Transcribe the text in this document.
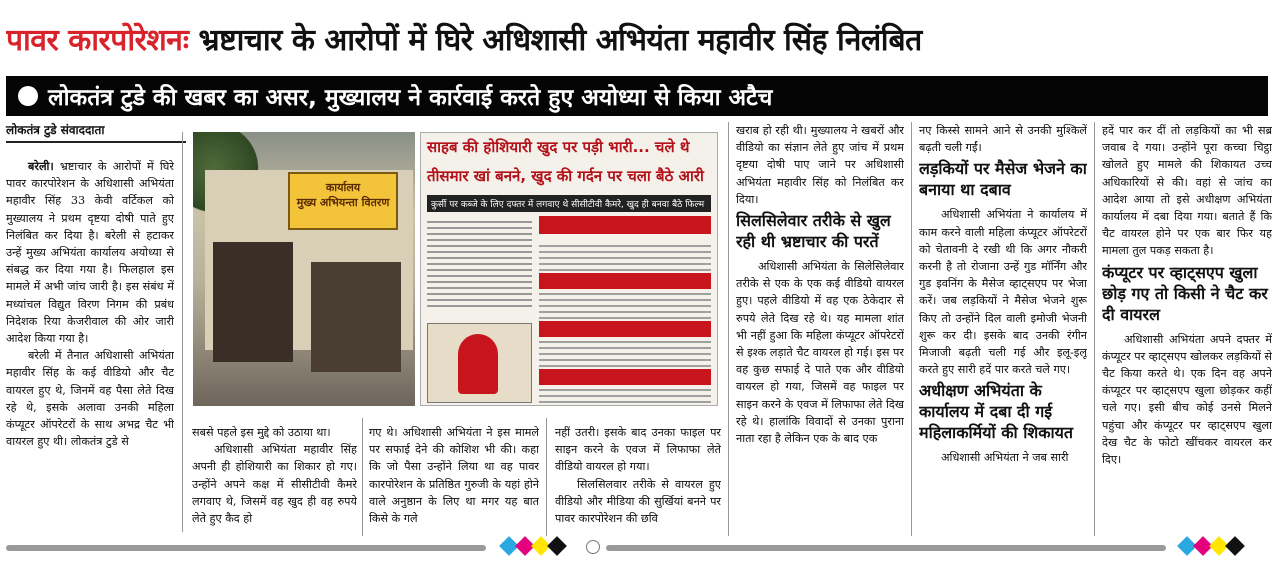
पावर कारपोरेशनः भ्रष्टाचार के आरोपों में घिरे अधिशासी अभियंता महावीर सिंह निलंबित
लोकतंत्र टुडे की खबर का असर, मुख्यालय ने कार्रवाई करते हुए अयोध्या से किया अटैच
लोकतंत्र टुडे संवाददाता

बरेली। भ्रष्टाचार के आरोपों में घिरे पावर कारपोरेशन के अधिशासी अभियंता महावीर सिंह 33 केवी वर्टिकल को मुख्यालय ने प्रथम दृष्टया दोषी पाते हुए निलंबित कर दिया है। बरेली से हटाकर उन्हें मुख्य अभियंता कार्यालय अयोध्या से संबद्ध कर दिया गया है। फिलहाल इस मामले में अभी जांच जारी है। इस संबंध में मध्यांचल विद्युत विरण निगम की प्रबंध निदेशक रिया केजरीवाल की ओर जारी आदेश किया गया है।

बरेली में तैनात अधिशासी अभियंता महावीर सिंह के कई वीडियो और चैट वायरल हुए थे, जिनमें वह पैसा लेते दिख रहे थे, इसके अलावा उनकी महिला कंप्यूटर ऑपरेटरों के साथ अभद्र चैट भी वायरल हुए थी। लोकतंत्र टुडे से

कार्यालय
मुख्य अभियन्ता वितरण
साहब की होशियारी खुद पर पड़ी भारी... चले थे
तीसमार खां बनने, खुद की गर्दन पर चला बैठे आरी
कुर्सी पर कब्जे के लिए दफ्तर में लगवाए थे सीसीटीवी कैमरे, खुद ही बनवा बैठे फिल्म

सबसे पहले इस मुद्दे को उठाया था।

अधिशासी अभियंता महावीर सिंह अपनी ही होशियारी का शिकार हो गए। उन्होंने अपने कक्ष में सीसीटीवी कैमरे लगवाए थे, जिसमें वह खुद ही वह रुपये लेते हुए कैद हो

गए थे। अधिशासी अभियंता ने इस मामले पर सफाई देने की कोशिश भी की। कहा कि जो पैसा उन्होंने लिया था वह पावर कारपोरेशन के प्रतिष्ठित गुरुजी के यहां होने वाले अनुष्ठान के लिए था मगर यह बात किसे के गले

नहीं उतरी। इसके बाद उनका फाइल पर साइन करने के एवज में लिफाफा लेते वीडियो वायरल हो गया।

सिलसिलवार तरीके से वायरल हुए वीडियो और मीडिया की सुर्खियां बनने पर पावर कारपोरेशन की छवि

खराब हो रही थी। मुख्यालय ने खबरों और वीडियो का संज्ञान लेते हुए जांच में प्रथम दृष्टया दोषी पाए जाने पर अधिशासी अभियंता महावीर सिंह को निलंबित कर दिया।

सिलसिलेवार तरीके से खुल रही थी भ्रष्टाचार की परतें

अधिशासी अभियंता के सिलेसिलेवार तरीके से एक के एक कई वीडियो वायरल हुए। पहले वीडियो में वह एक ठेकेदार से रुपये लेते दिख रहे थे। यह मामला शांत भी नहीं हुआ कि महिला कंप्यूटर ऑपरेटरों से इश्क लड़ाते चैट वायरल हो गई। इस पर वह कुछ सफाई दे पाते एक और वीडियो वायरल हो गया, जिसमें वह फाइल पर साइन करने के एवज में लिफाफा लेते दिख रहे थे। हालांकि विवादों से उनका पुराना नाता रहा है लेकिन एक के बाद एक

नए किस्से सामने आने से उनकी मुश्किलें बढ़ती चली गईं।

लड़कियों पर मैसेज भेजने का बनाया था दबाव

अधिशासी अभियंता ने कार्यालय में काम करने वाली महिला कंप्यूटर ऑपरेटरों को चेतावनी दे रखी थी कि अगर नौकरी करनी है तो रोजाना उन्हें गुड मॉर्निंग और गुड इवनिंग के मैसेज व्हाट्सएप पर भेजा करें। जब लड़कियों ने मैसेज भेजने शुरू किए तो उन्होंने दिल वाली इमोजी भेजनी शुरू कर दी। इसके बाद उनकी रंगीन मिजाजी बढ़ती चली गई और इलू-इलू करते हुए सारी हदें पार करते चले गए।

अधीक्षण अभियंता के कार्यालय में दबा दी गई महिलाकर्मियों की शिकायत

अधिशासी अभियंता ने जब सारी

हदें पार कर दीं तो लड़कियों का भी सब्र जवाब दे गया। उन्होंने पूरा कच्चा चिट्ठा खोलते हुए मामले की शिकायत उच्च अधिकारियों से की। वहां से जांच का आदेश आया तो इसे अधीक्षण अभियंता कार्यालय में दबा दिया गया। बताते हैं कि चैट वायरल होने पर एक बार फिर यह मामला तुल पकड़ सकता है।

कंप्यूटर पर व्हाट्सएप खुला छोड़ गए तो किसी ने चैट कर दी वायरल

अधिशासी अभियंता अपने दफ्तर में कंप्यूटर पर व्हाट्सएप खोलकर लड़कियों से चैट किया करते थे। एक दिन वह अपने कंप्यूटर पर व्हाट्सएप खुला छोड़कर कहीं चले गए। इसी बीच कोई उनसे मिलने पहुंचा और कंप्यूटर पर व्हाट्सएप खुला देख चैट के फोटो खींचकर वायरल कर दिए।
